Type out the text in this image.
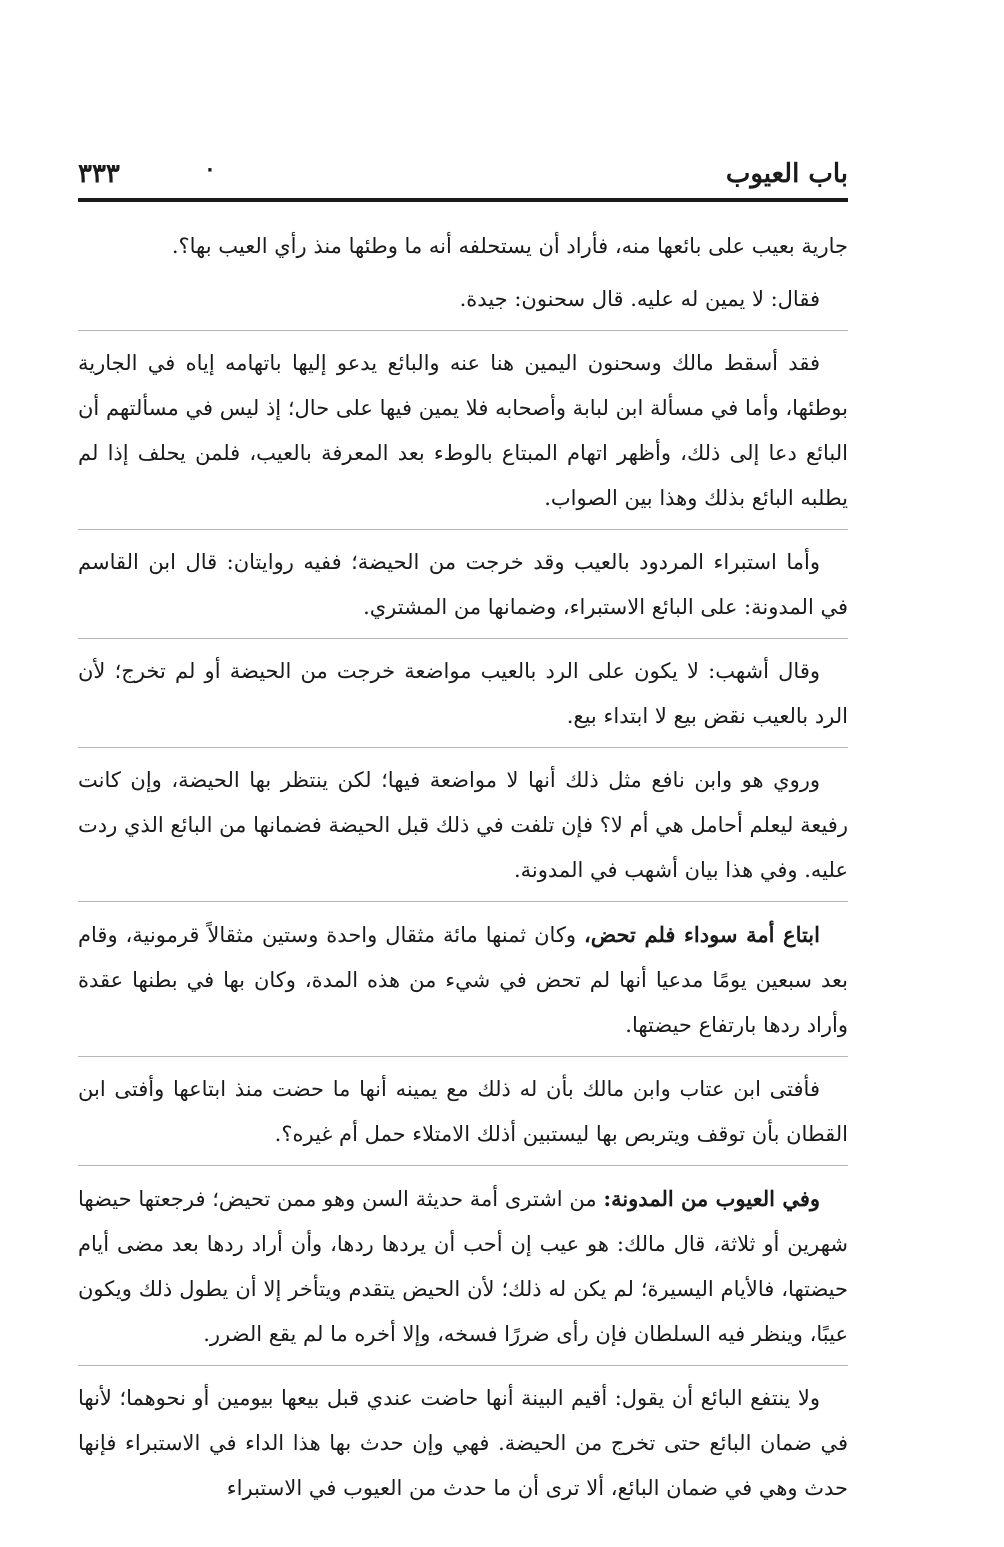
باب العيوب
٠
٣٣٣

جارية بعيب على بائعها منه، فأراد أن يستحلفه أنه ما وطئها منذ رأي العيب بها؟.

فقال: لا يمين له عليه. قال سحنون: جيدة.

فقد أسقط مالك وسحنون اليمين هنا عنه والبائع يدعو إليها باتهامه إياه في الجارية بوطئها، وأما في مسألة ابن لبابة وأصحابه فلا يمين فيها على حال؛ إذ ليس في مسألتهم أن البائع دعا إلى ذلك، وأظهر اتهام المبتاع بالوطء بعد المعرفة بالعيب، فلمن يحلف إذا لم يطلبه البائع بذلك وهذا بين الصواب.

وأما استبراء المردود بالعيب وقد خرجت من الحيضة؛ ففيه روايتان: قال ابن القاسم في المدونة: على البائع الاستبراء، وضمانها من المشتري.

وقال أشهب: لا يكون على الرد بالعيب مواضعة خرجت من الحيضة أو لم تخرج؛ لأن الرد بالعيب نقض بيع لا ابتداء بيع.

وروي هو وابن نافع مثل ذلك أنها لا مواضعة فيها؛ لكن ينتظر بها الحيضة، وإن كانت رفيعة ليعلم أحامل هي أم لا؟ فإن تلفت في ذلك قبل الحيضة فضمانها من البائع الذي ردت عليه. وفي هذا بيان أشهب في المدونة.

ابتاع أمة سوداء فلم تحض، وكان ثمنها مائة مثقال واحدة وستين مثقالاً قرمونية، وقام بعد سبعين يومًا مدعيا أنها لم تحض في شيء من هذه المدة، وكان بها في بطنها عقدة وأراد ردها بارتفاع حيضتها.

فأفتى ابن عتاب وابن مالك بأن له ذلك مع يمينه أنها ما حضت منذ ابتاعها وأفتى ابن القطان بأن توقف ويتربص بها ليستبين أذلك الامتلاء حمل أم غيره؟.

وفي العيوب من المدونة: من اشترى أمة حديثة السن وهو ممن تحيض؛ فرجعتها حيضها شهرين أو ثلاثة، قال مالك: هو عيب إن أحب أن يردها ردها، وأن أراد ردها بعد مضى أيام حيضتها، فالأيام اليسيرة؛ لم يكن له ذلك؛ لأن الحيض يتقدم ويتأخر إلا أن يطول ذلك ويكون عيبًا، وينظر فيه السلطان فإن رأى ضررًا فسخه، وإلا أخره ما لم يقع الضرر.

ولا ينتفع البائع أن يقول: أقيم البينة أنها حاضت عندي قبل بيعها بيومين أو نحوهما؛ لأنها في ضمان البائع حتى تخرج من الحيضة. فهي وإن حدث بها هذا الداء في الاستبراء فإنها حدث وهي في ضمان البائع، ألا ترى أن ما حدث من العيوب في الاستبراء
